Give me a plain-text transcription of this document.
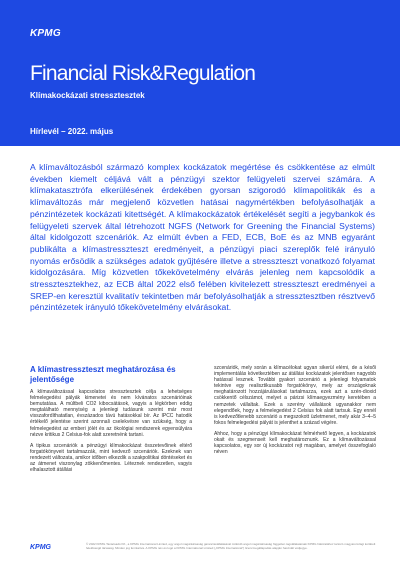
KPMG
Financial Risk&Regulation
Klímakockázati stressztesztek
Hírlevél – 2022. május
A klímaváltozásból származó komplex kockázatok megértése és csökkentése az elmúlt években kiemelt céljává vált a pénzügyi szektor felügyeleti szervei számára. A klímakatasztrófa elkerülésének érdekében gyorsan szigorodó klímapolitikák és a klímaváltozás már megjelenő közvetlen hatásai nagymértékben befolyásolhatják a pénzintézetek kockázati kitettségét. A klímakockázatok értékelését segíti a jegybankok és felügyeleti szervek által létrehozott NGFS (Network for Greening the Financial Systems) által kidolgozott szcenáriók. Az elmúlt évben a FED, ECB, BoE és az MNB egyaránt publikálta a klímastresszteszt eredményeit, a pénzügyi piaci szereplők felé irányuló nyomás erősödik a szükséges adatok gyűjtésére illetve a stresszteszt vonatkozó folyamat kidolgozására. Míg közvetlen tőkekövetelmény elvárás jelenleg nem kapcsolódik a stressztesztekhez, az ECB által 2022 első felében kivitelezett stresszteszt eredményei a SREP-en keresztül kvalitatív tekintetben már befolyásolhatják a stressztesztben résztvevő pénzintézetek irányuló tőkekövetelmény elvárásokat.
A klímastresszteszt meghatározása és jelentősége

A klímaváltozással kapcsolatos stressztesztek célja a lehetséges felmelegedési pályák kimenetei és nem kívánatos szcenárióinak bemutatása. A múltbeli CO2 kibocsátások, vagyis a légkörben eddig megtalálható mennyiség a jelenlegi tudásunk szerint már most visszafordíthatatlan, évszázados távú hatásokkal bír. Az IPCC hatodik értékelő jelentése szerint azonnali cselekvésre van szükség, hogy a felmelegedést az emberi jólét és az ökológiai rendszerek egyensúlyára nézve kritikus 2 Celsius-fok alatt szeretnénk tartani.

A tipikus szcenáriók a pénzügyi klímakockázat összetevőinek eltérő forgatókönyveit tartalmazzák, mint kedvező szcenáriók. Ezeknek van rendezett változata, amikor időben elkezdik a szakpolitikai döntéseket és az átmenet viszonylag zökkenőmentes. Léteznek rendezetlen, vagyis elhalasztott átállási

szcenáriók, mely során a klímacélokat ugyan sikerül elérni, de a késői implementálás következtében az átállási kockázatok jelentősen nagyobb hatással lesznek. További gyakori szcenárió a jelenlegi folyamatok tekintve egy realisztikusabb forgatókönyv, mely az országoknak meghatározott hozzájárulásokat tartalmazza, ezek azt a szén-dioxid csökkentő célszámot, melyet a párizsi klímaegyezmény keretében a nemzetek vállaltak. Ezek a szerény vállalások ugyanakkor nem elegendőek, hogy a felmelegedést 2 Celsius fok alatt tartsuk. Egy ennél is kedvezőtlenebb szcenárió a megszokott üzletmenet, mely akár 3–4–5 fokos felmelegedési pályát is jelenthet a század végére.

Ahhoz, hogy a pénzügyi klímakockázat felmérhető legyen, a kockázatok okait és szegmenseit kell meghatároznunk. Ez a klímaváltozással kapcsolatos, egy sor új kockázatot rejt magában, amelyet összefoglaló néven

KPMG	© 2022 KPMG Tanácsadó Kft., a KPMG International Limited, egy angol magántársaság garanciavállalásával működő angol magántársaság független tagvállalatainak KPMG hálózatához tartozó magyarországi korlátolt felelősségű társaság. Minden jog fenntartva. A KPMG név és logó a KPMG International Limited („KPMG International”) licencmegállapodás alapján használt védjegye.
